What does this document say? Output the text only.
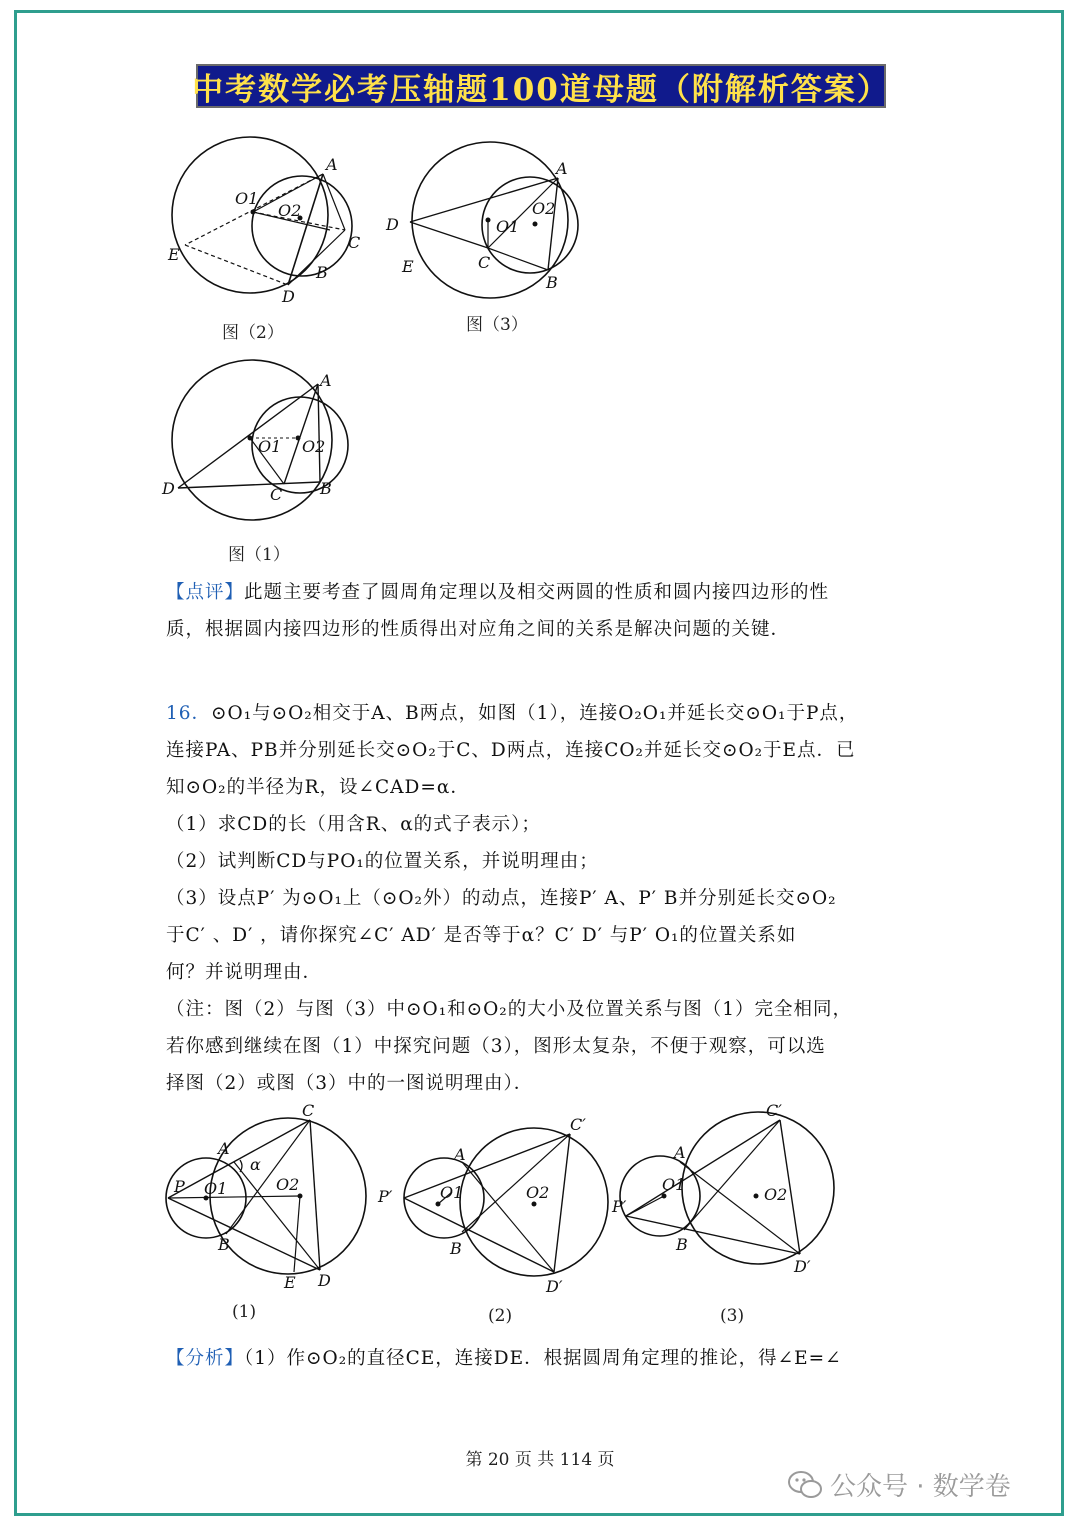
中考数学必考压轴题100道母题（附解析答案）
A
O1
O2
C
E
B
D
图（2）
A
D	O1
O2
E	C
B
图（3）
A
O1 O2
D	C B
图（1）

【点评】此题主要考查了圆周角定理以及相交两圆的性质和圆内接四边形的性

质，根据圆内接四边形的性质得出对应角之间的关系是解决问题的关键．

16．⊙O₁与⊙O₂相交于A、B两点，如图（1），连接O₂O₁并延长交⊙O₁于P点，

连接PA、PB并分别延长交⊙O₂于C、D两点，连接CO₂并延长交⊙O₂于E点．已

知⊙O₂的半径为R，设∠CAD=α．

（1）求CD的长（用含R、α的式子表示）；

（2）试判断CD与PO₁的位置关系，并说明理由；

（3）设点P′ 为⊙O₁上（⊙O₂外）的动点，连接P′ A、P′ B并分别延长交⊙O₂

于C′ 、D′ ，请你探究∠C′ AD′ 是否等于α？C′ D′ 与P′ O₁的位置关系如

何？并说明理由．

（注：图（2）与图（3）中⊙O₁和⊙O₂的大小及位置关系与图（1）完全相同，

若你感到继续在图（1）中探究问题（3），图形太复杂，不便于观察，可以选

择图（2）或图（3）中的一图说明理由）．

C
A
α
P O1	O2
B
E D
(1)
C′
A
P′	O1	O2
B
D′
(2)
C′
A
O1
O2
P′
B
D′
(3)

【分析】（1）作⊙O₂的直径CE，连接DE．根据圆周角定理的推论，得∠E=∠

第 20 页 共 114 页
公众号 · 数学卷
